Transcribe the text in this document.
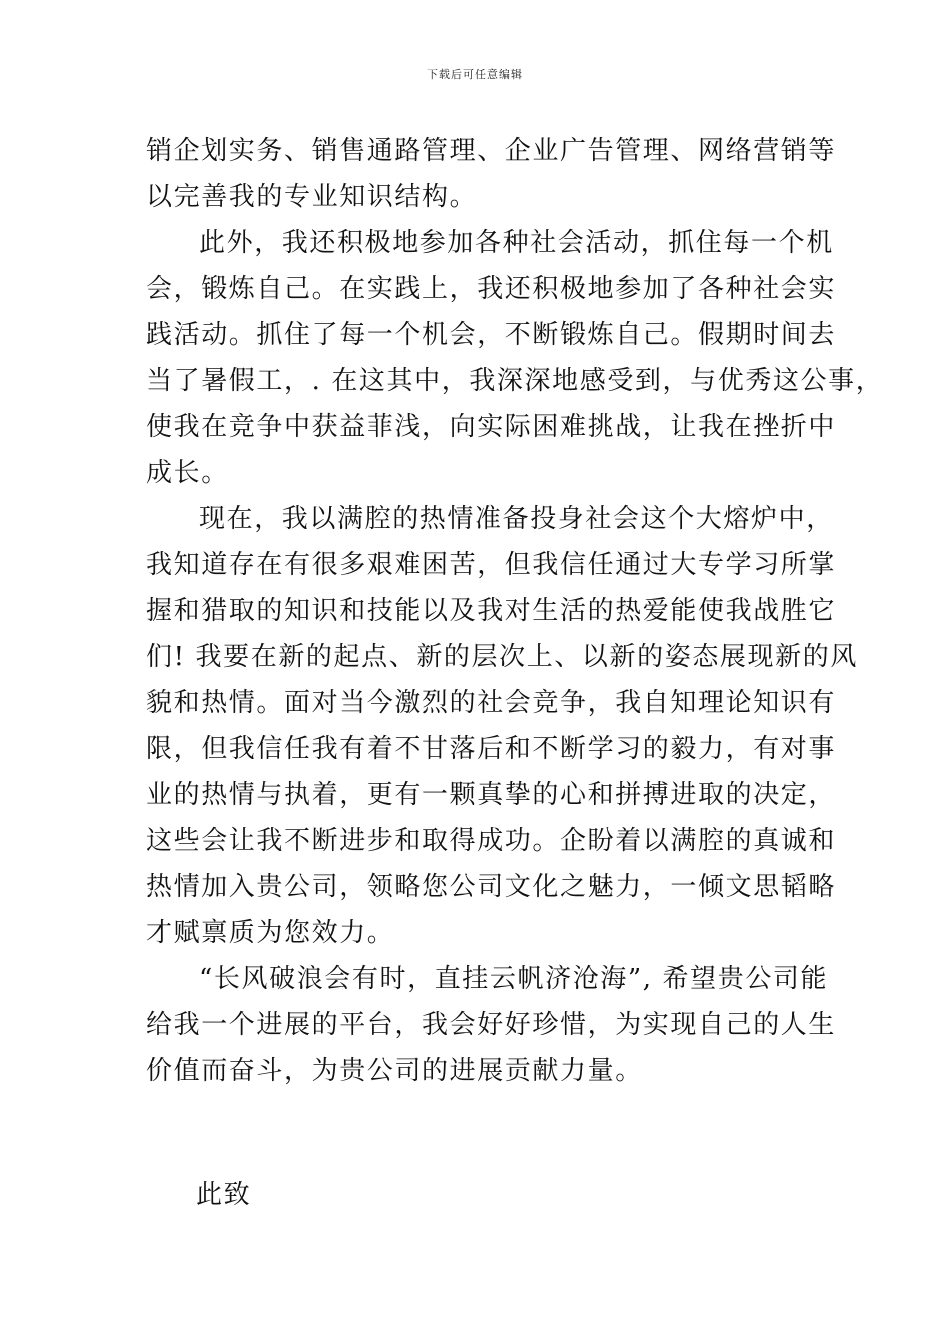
下载后可任意编辑
销企划实务、销售通路管理、企业广告管理、网络营销等
以完善我的专业知识结构。
此外，我还积极地参加各种社会活动，抓住每一个机
会，锻炼自己。在实践上，我还积极地参加了各种社会实
践活动。抓住了每一个机会，不断锻炼自己。假期时间去
当了暑假工，. 在这其中，我深深地感受到，与优秀这公事，
使我在竞争中获益菲浅，向实际困难挑战，让我在挫折中
成长。
现在，我以满腔的热情准备投身社会这个大熔炉中，
我知道存在有很多艰难困苦，但我信任通过大专学习所掌
握和猎取的知识和技能以及我对生活的热爱能使我战胜它
们! 我要在新的起点、新的层次上、以新的姿态展现新的风
貌和热情。面对当今激烈的社会竞争，我自知理论知识有
限，但我信任我有着不甘落后和不断学习的毅力，有对事
业的热情与执着，更有一颗真挚的心和拼搏进取的决定，
这些会让我不断进步和取得成功。企盼着以满腔的真诚和
热情加入贵公司，领略您公司文化之魅力，一倾文思韬略
才赋禀质为您效力。
“长风破浪会有时，直挂云帆济沧海”, 希望贵公司能
给我一个进展的平台，我会好好珍惜，为实现自己的人生
价值而奋斗，为贵公司的进展贡献力量。
此致
